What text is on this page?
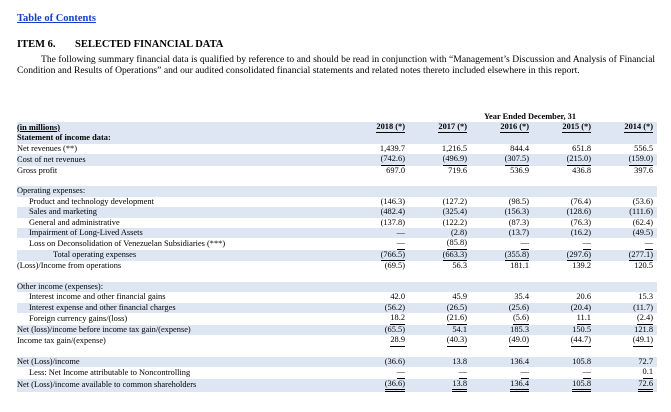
Table of Contents
ITEM 6. SELECTED FINANCIAL DATA
The following summary financial data is qualified by reference to and should be read in conjunction with “Management’s Discussion and Analysis of Financial Condition and Results of Operations” and our audited consolidated financial statements and related notes thereto included elsewhere in this report.
Year Ended December, 31
(in millions)	2018 (*)	2017 (*)	2016 (*)	2015 (*)	2014 (*)
Statement of income data:					
Net revenues (**)	1,439.7	1,216.5	844.4	651.8	556.5
Cost of net revenues	(742.6)	(496.9)	(307.5)	(215.0)	(159.0)
Gross profit	697.0	719.6	536.9	436.8	397.6

Operating expenses:					
Product and technology development	(146.3)	(127.2)	(98.5)	(76.4)	(53.6)
Sales and marketing	(482.4)	(325.4)	(156.3)	(128.6)	(111.6)
General and administrative	(137.8)	(122.2)	(87.3)	(76.3)	(62.4)
Impairment of Long-Lived Assets	—	(2.8)	(13.7)	(16.2)	(49.5)
Loss on Deconsolidation of Venezuelan Subsidiaries (***)	—	(85.8)	—	—	—
Total operating expenses	(766.5)	(663.3)	(355.8)	(297.6)	(277.1)
(Loss)/Income from operations	(69.5)	56.3	181.1	139.2	120.5

Other income (expenses):					
Interest income and other financial gains	42.0	45.9	35.4	20.6	15.3
Interest expense and other financial charges	(56.2)	(26.5)	(25.6)	(20.4)	(11.7)
Foreign currency gains/(loss)	18.2	(21.6)	(5.6)	11.1	(2.4)
Net (loss)/income before income tax gain/(expense)	(65.5)	54.1	185.3	150.5	121.8
Income tax gain/(expense)	28.9	(40.3)	(49.0)	(44.7)	(49.1)

Net (Loss)/income	(36.6)	13.8	136.4	105.8	72.7
Less: Net Income attributable to Noncontrolling	—	—	—	—	0.1
Net (Loss)/income available to common shareholders	(36.6)	13.8	136.4	105.8	72.6
